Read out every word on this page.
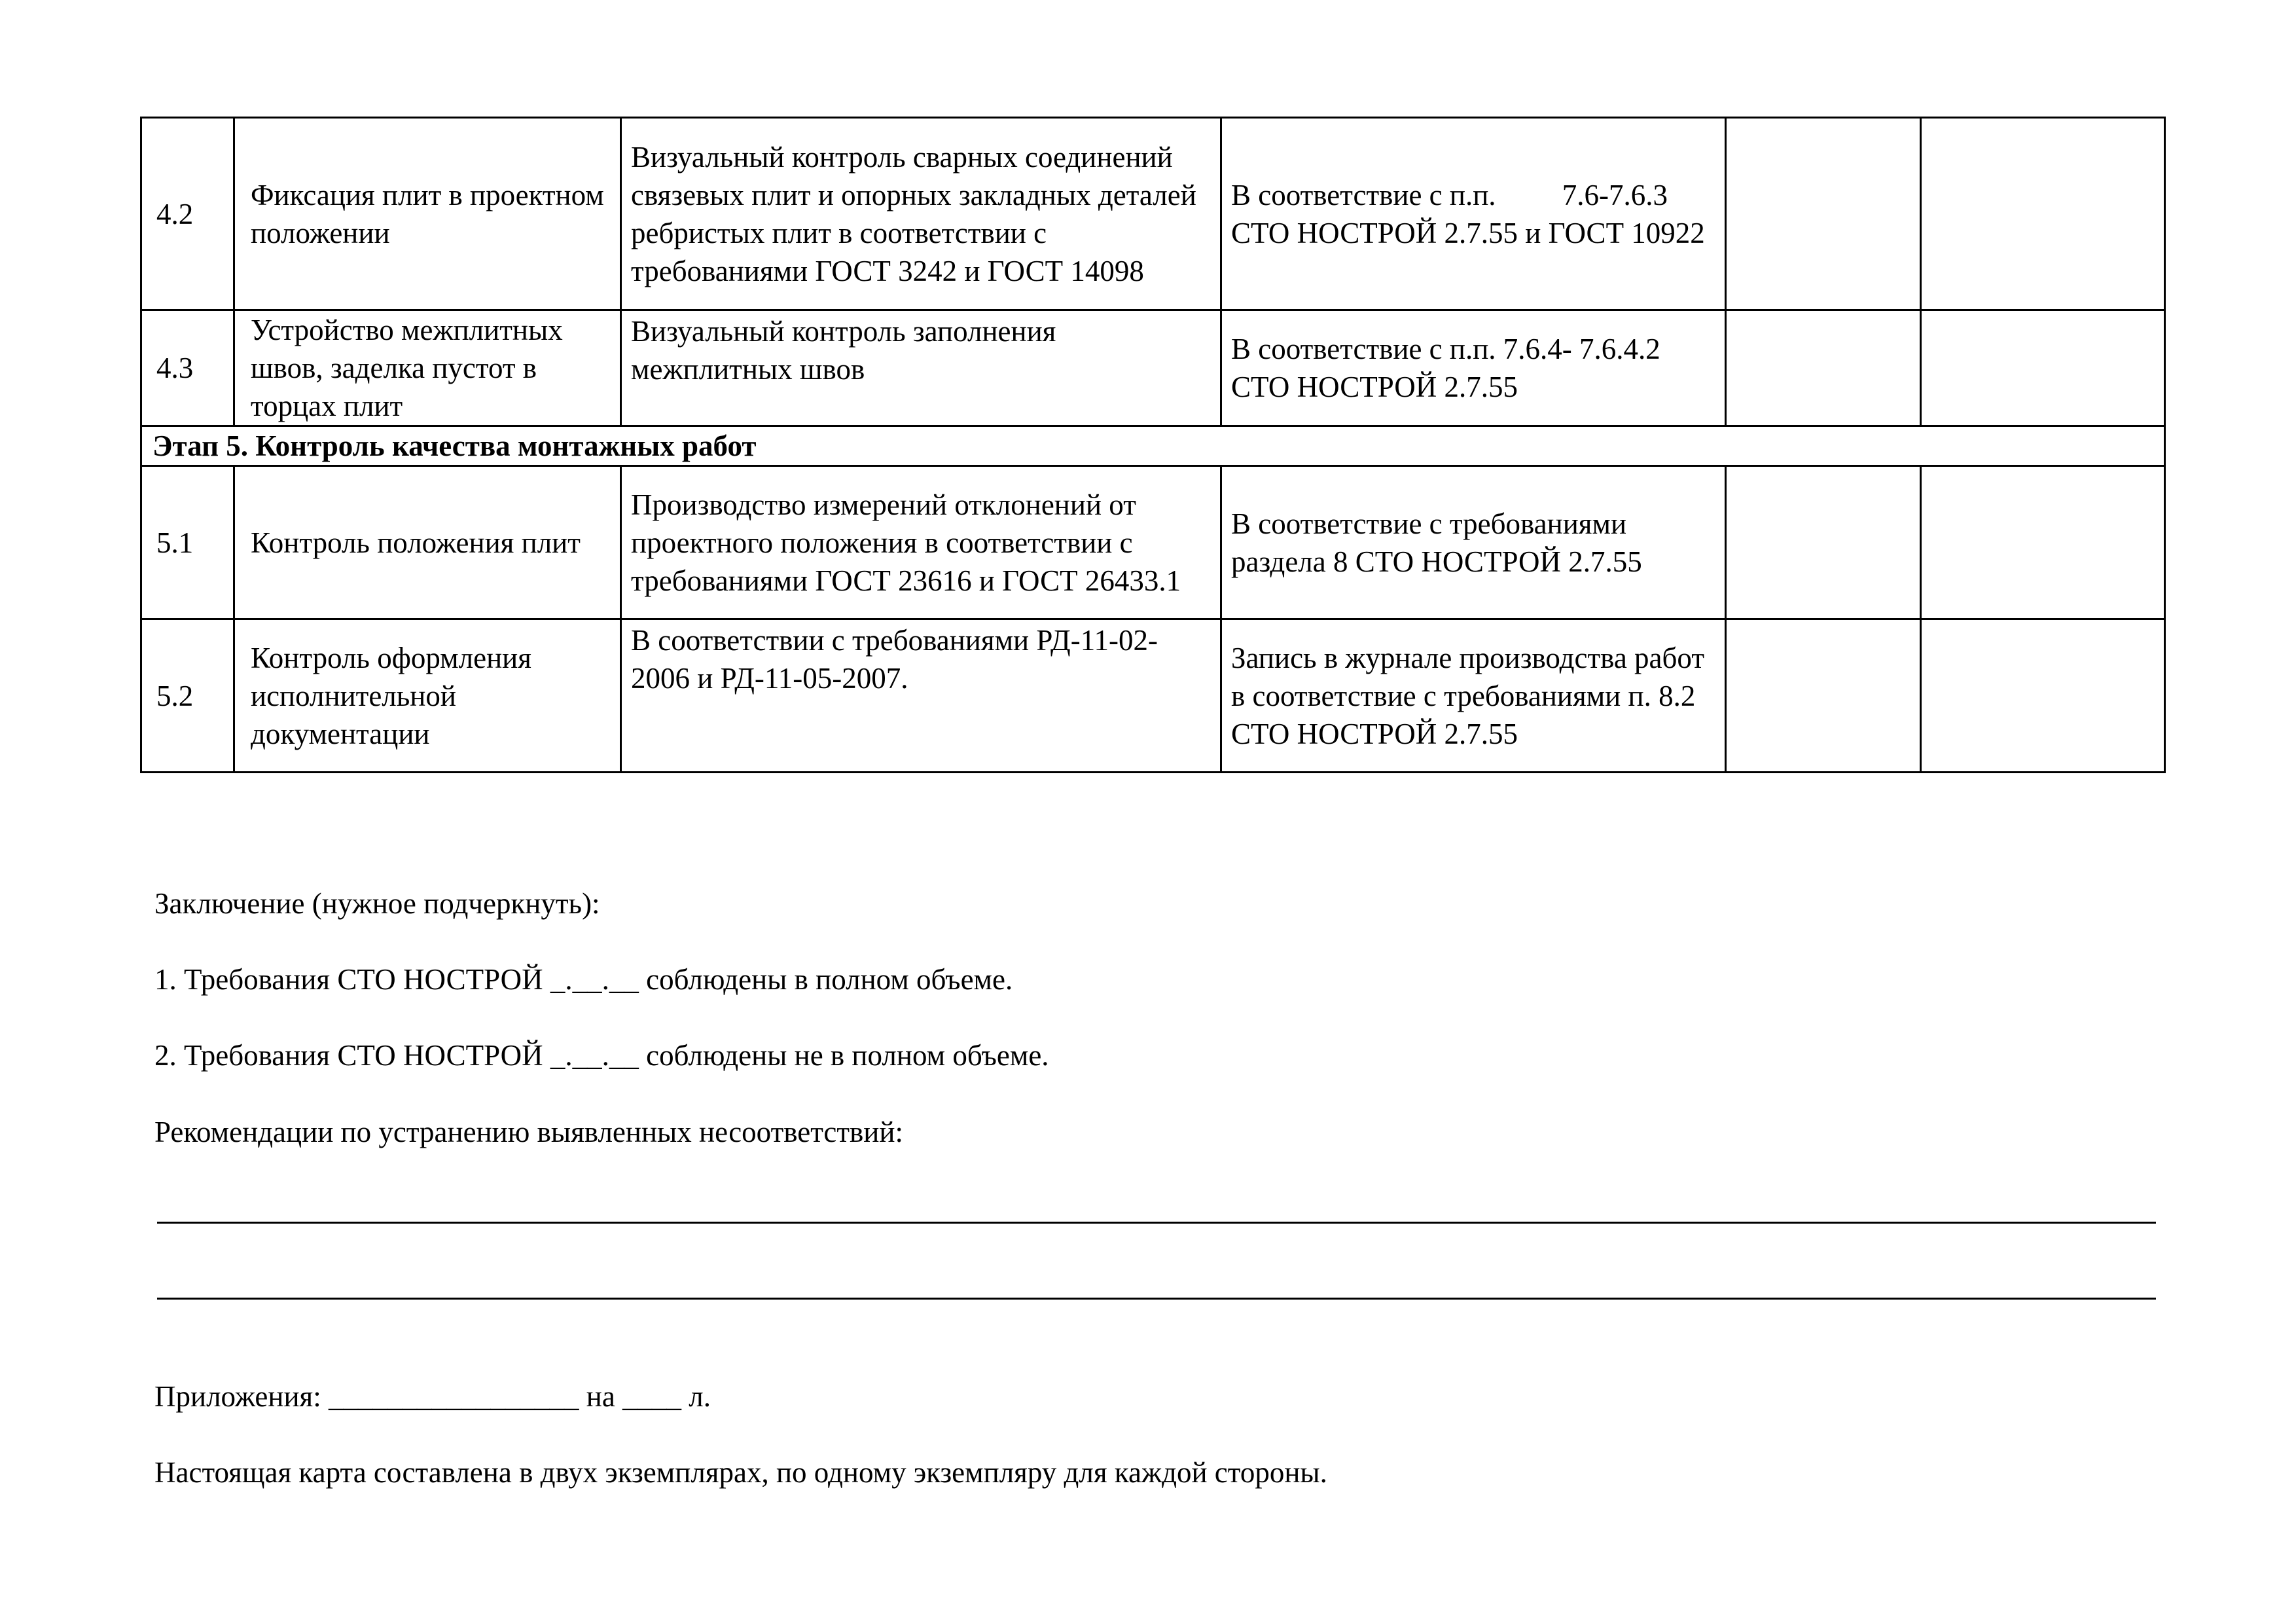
4.2	Фиксация плит в проектном положении	Визуальный контроль сварных соединений связевых плит и опорных закладных деталей ребристых плит в соответствии с требованиями ГОСТ 3242 и ГОСТ 14098	В соответствие с п.п.         7.6-7.6.3 СТО НОСТРОЙ 2.7.55 и ГОСТ 10922		
4.3	Устройство межплитных швов, заделка пустот в торцах плит	Визуальный контроль заполнения межплитных швов	В соответствие с п.п. 7.6.4- 7.6.4.2 СТО НОСТРОЙ 2.7.55		
Этап 5. Контроль качества монтажных работ					
5.1	Контроль положения плит	Производство измерений отклонений от проектного положения в соответствии с требованиями ГОСТ 23616 и ГОСТ 26433.1	В соответствие с требованиями раздела 8 СТО НОСТРОЙ 2.7.55		
5.2	Контроль оформления исполнительной документации	В соответствии с требованиями РД-11-02-2006 и РД-11-05-2007.	Запись в журнале производства работ в соответствие с требованиями п. 8.2  СТО НОСТРОЙ 2.7.55		
Заключение (нужное подчеркнуть):
1. Требования СТО НОСТРОЙ _.__.__ соблюдены в полном объеме.
2. Требования СТО НОСТРОЙ _.__.__ соблюдены не в полном объеме.
Рекомендации по устранению выявленных несоответствий:
Приложения: _________________ на ____ л.
Настоящая карта составлена в двух экземплярах, по одному экземпляру для каждой стороны.
